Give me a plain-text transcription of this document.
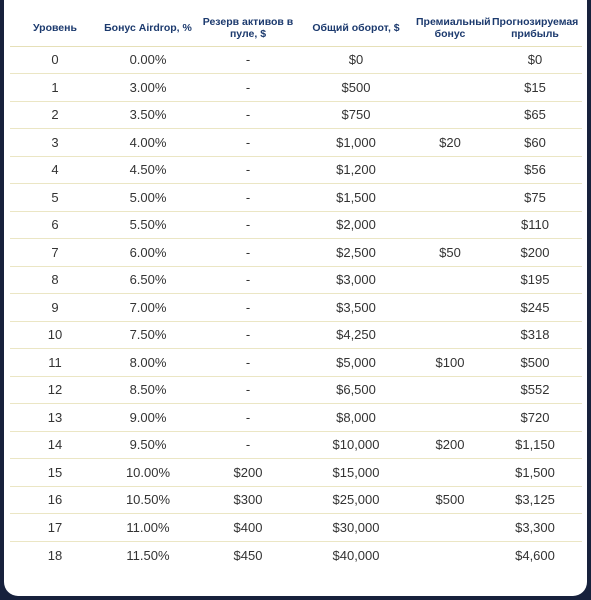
Уровень	Бонус Airdrop, %	Резерв активов в пуле, $	Общий оборот, $	Премиальный бонус	Прогнозируемая прибыль
0	0.00%	-	$0		$0
1	3.00%	-	$500		$15
2	3.50%	-	$750		$65
3	4.00%	-	$1,000	$20	$60
4	4.50%	-	$1,200		$56
5	5.00%	-	$1,500		$75
6	5.50%	-	$2,000		$110
7	6.00%	-	$2,500	$50	$200
8	6.50%	-	$3,000		$195
9	7.00%	-	$3,500		$245
10	7.50%	-	$4,250		$318
11	8.00%	-	$5,000	$100	$500
12	8.50%	-	$6,500		$552
13	9.00%	-	$8,000		$720
14	9.50%	-	$10,000	$200	$1,150
15	10.00%	$200	$15,000		$1,500
16	10.50%	$300	$25,000	$500	$3,125
17	11.00%	$400	$30,000		$3,300
18	11.50%	$450	$40,000		$4,600
